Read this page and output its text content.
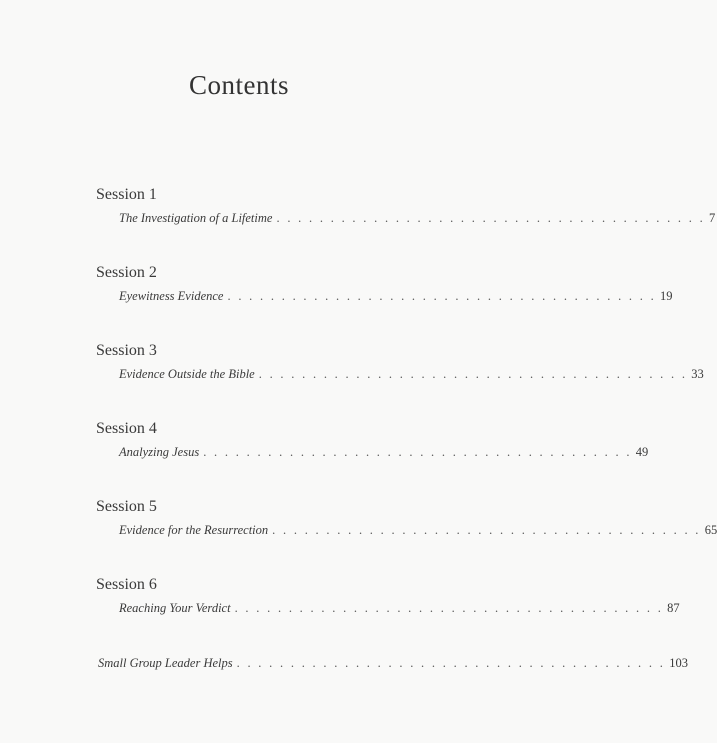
Contents
Session 1
The Investigation of a Lifetime . . . . . . . . . . . . . . . . . . . . . . . . . . . . . . . . . . . . . . . . 7
Session 2
Eyewitness Evidence . . . . . . . . . . . . . . . . . . . . . . . . . . . . . . . . . . . . . . . . 19
Session 3
Evidence Outside the Bible . . . . . . . . . . . . . . . . . . . . . . . . . . . . . . . . . . . . . . . . 33
Session 4
Analyzing Jesus . . . . . . . . . . . . . . . . . . . . . . . . . . . . . . . . . . . . . . . . 49
Session 5
Evidence for the Resurrection . . . . . . . . . . . . . . . . . . . . . . . . . . . . . . . . . . . . . . . . 65
Session 6
Reaching Your Verdict . . . . . . . . . . . . . . . . . . . . . . . . . . . . . . . . . . . . . . . . 87
Small Group Leader Helps . . . . . . . . . . . . . . . . . . . . . . . . . . . . . . . . . . . . . . . . 103
